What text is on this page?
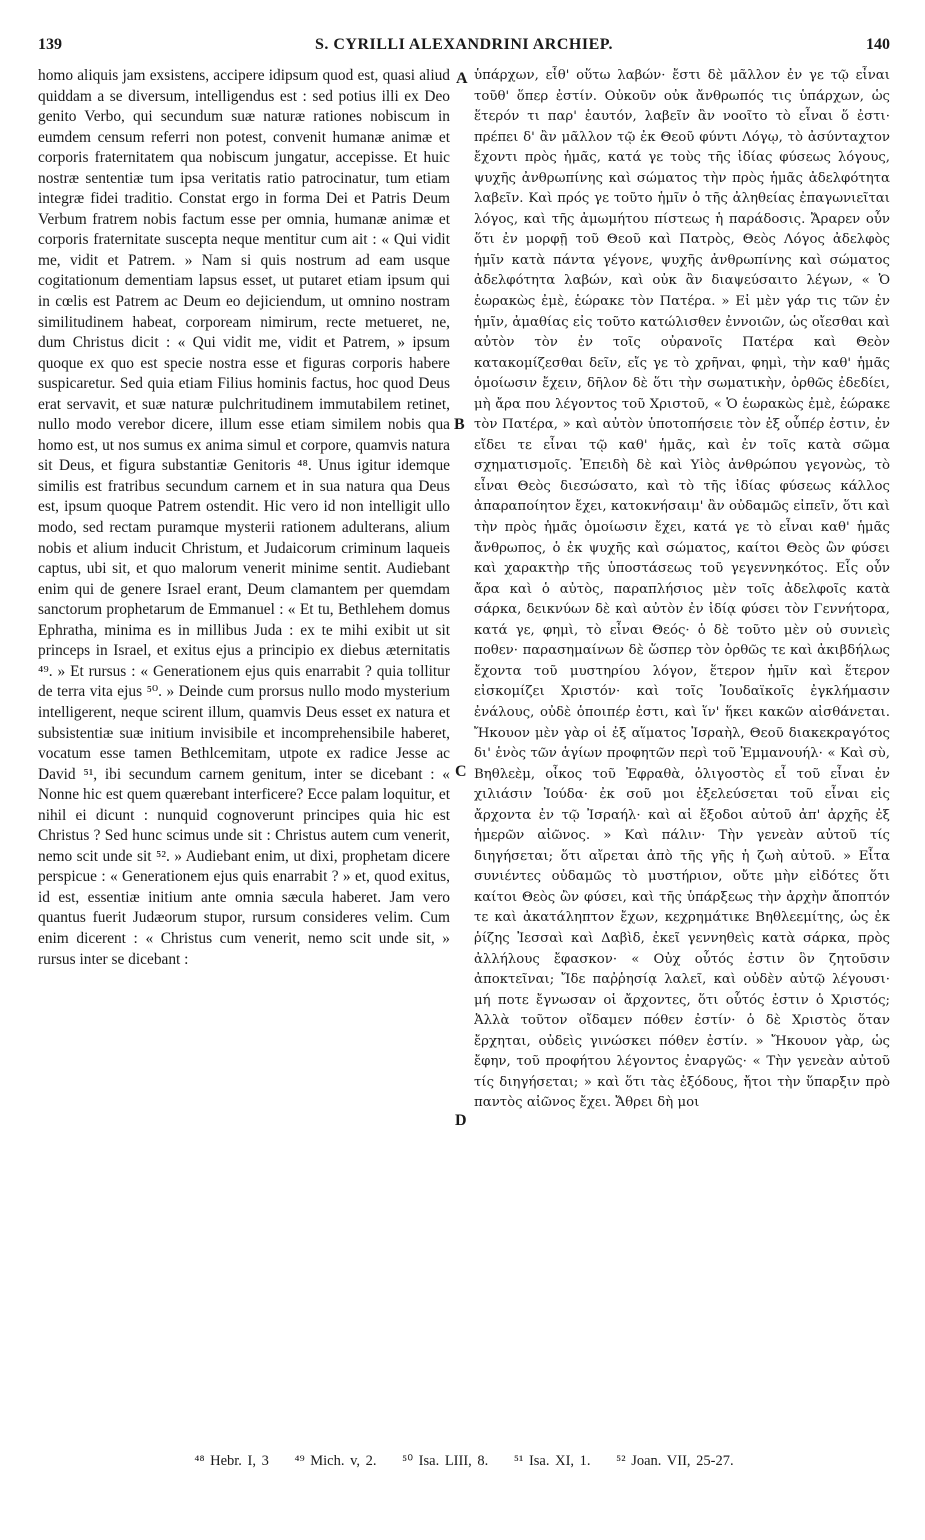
139	S. CYRILLI ALEXANDRINI ARCHIEP.	140
homo aliquis jam exsistens, accipere idipsum quod est, quasi aliud quiddam a se diversum, intelligendus est : sed potius illi ex Deo genito Verbo, qui secundum suæ naturæ rationes nobiscum in eumdem censum referri non potest, convenit humanæ animæ et corporis fraternitatem qua nobiscum jungatur, accepisse. Et huic nostræ sententiæ tum ipsa veritatis ratio patrocinatur, tum etiam integræ fidei traditio. Constat ergo in forma Dei et Patris Deum Verbum fratrem nobis factum esse per omnia, humanæ animæ et corporis fraternitate suscepta neque mentitur cum ait : « Qui vidit me, vidit et Patrem. » Nam si quis nostrum ad eam usque cogitationum dementiam lapsus esset, ut putaret etiam ipsum qui in cœlis est Patrem ac Deum eo dejiciendum, ut omnino nostram similitudinem habeat, corpoream nimirum, recte metueret, ne, dum Christus dicit : « Qui vidit me, vidit et Patrem, » ipsum quoque ex quo est specie nostra esse et figuras corporis habere suspicaretur. Sed quia etiam Filius hominis factus, hoc quod Deus erat servavit, et suæ naturæ pulchritudinem immutabilem retinet, nullo modo verebor dicere, illum esse etiam similem nobis qua homo est, ut nos sumus ex anima simul et corpore, quamvis natura sit Deus, et figura substantiæ Genitoris ⁴⁸. Unus igitur idemque similis est fratribus secundum carnem et in sua natura qua Deus est, ipsum quoque Patrem ostendit. Hic vero id non intelligit ullo modo, sed rectam puramque mysterii rationem adulterans, alium nobis et alium inducit Christum, et Judaicorum criminum laqueis captus, ubi sit, et quo malorum venerit minime sentit. Audiebant enim qui de genere Israel erant, Deum clamantem per quemdam sanctorum prophetarum de Emmanuel : « Et tu, Bethlehem domus Ephratha, minima es in millibus Juda : ex te mihi exibit ut sit princeps in Israel, et exitus ejus a principio ex diebus æternitatis ⁴⁹. » Et rursus : « Generationem ejus quis enarrabit ? quia tollitur de terra vita ejus ⁵⁰. » Deinde cum prorsus nullo modo mysterium intelligerent, neque scirent illum, quamvis Deus esset ex natura et subsistentiæ suæ initium invisibile et incomprehensibile haberet, vocatum esse tamen Bethlcemitam, utpote ex radice Jesse ac David ⁵¹, ibi secundum carnem genitum, inter se dicebant : « Nonne hic est quem quærebant interficere? Ecce palam loquitur, et nihil ei dicunt : nunquid cognoverunt principes quia hic est Christus ? Sed hunc scimus unde sit : Christus autem cum venerit, nemo scit unde sit ⁵². » Audiebant enim, ut dixi, prophetam dicere perspicue : « Generationem ejus quis enarrabit ? » et, quod exitus, id est, essentiæ initium ante omnia sæcula haberet. Jam vero quantus fuerit Judæorum stupor, rursum consideres velim. Cum enim dicerent : « Christus cum venerit, nemo scit unde sit, » rursus inter se dicebant :
A
B
C
D
ὑπάρχων, εἶθ' οὕτω λαβών· ἔστι δὲ μᾶλλον ἐν γε τῷ εἶναι τοῦθ' ὅπερ ἐστίν. Οὐκοῦν οὐκ ἄνθρωπός τις ὑπάρχων, ὡς ἕτερόν τι παρ' ἑαυτόν, λαβεῖν ἂν νοοῖτο τὸ εἶναι ὅ ἐστι· πρέπει δ' ἂν μᾶλλον τῷ ἐκ Θεοῦ φύντι Λόγῳ, τὸ ἀσύνταχτον ἔχοντι πρὸς ἡμᾶς, κατά γε τοὺς τῆς ἰδίας φύσεως λόγους, ψυχῆς ἀνθρωπίνης καὶ σώματος τὴν πρὸς ἡμᾶς ἀδελφότητα λαβεῖν. Καὶ πρός γε τοῦτο ἡμῖν ὁ τῆς ἀληθείας ἐπαγωνιεῖται λόγος, καὶ τῆς ἀμωμήτου πίστεως ἡ παράδοσις. Ἄραρεν οὖν ὅτι ἐν μορφῇ τοῦ Θεοῦ καὶ Πατρὸς, Θεὸς Λόγος ἀδελφὸς ἡμῖν κατὰ πάντα γέγονε, ψυχῆς ἀνθρωπίνης καὶ σώματος ἀδελφότητα λαβών, καὶ οὐκ ἂν διαψεύσαιτο λέγων, « Ὁ ἑωρακὼς ἐμὲ, ἑώρακε τὸν Πατέρα. » Εἰ μὲν γάρ τις τῶν ἐν ἡμῖν, ἀμαθίας εἰς τοῦτο κατώλισθεν ἐννοιῶν, ὡς οἴεσθαι καὶ αὐτὸν τὸν ἐν τοῖς οὐρανοῖς Πατέρα καὶ Θεὸν κατακομίζεσθαι δεῖν, εἴς γε τὸ χρῆναι, φημὶ, τὴν καθ' ἡμᾶς ὁμοίωσιν ἔχειν, δῆλον δὲ ὅτι τὴν σωματικὴν, ὀρθῶς ἐδεδίει, μὴ ἄρα που λέγοντος τοῦ Χριστοῦ, « Ὁ ἑωρακὼς ἐμὲ, ἑώρακε τὸν Πατέρα, » καὶ αὐτὸν ὑποτοπήσειε τὸν ἐξ οὗπέρ ἐστιν, ἐν εἴδει τε εἶναι τῷ καθ' ἡμᾶς, καὶ ἐν τοῖς κατὰ σῶμα σχηματισμοῖς. Ἐπειδὴ δὲ καὶ Υἱὸς ἀνθρώπου γεγονὼς, τὸ εἶναι Θεὸς διεσώσατο, καὶ τὸ τῆς ἰδίας φύσεως κάλλος ἀπαραποίητον ἔχει, κατοκνήσαιμ' ἂν οὐδαμῶς εἰπεῖν, ὅτι καὶ τὴν πρὸς ἡμᾶς ὁμοίωσιν ἔχει, κατά γε τὸ εἶναι καθ' ἡμᾶς ἄνθρωπος, ὁ ἐκ ψυχῆς καὶ σώματος, καίτοι Θεὸς ὢν φύσει καὶ χαρακτὴρ τῆς ὑποστάσεως τοῦ γεγεννηκότος. Εἷς οὖν ἄρα καὶ ὁ αὐτὸς, παραπλήσιος μὲν τοῖς ἀδελφοῖς κατὰ σάρκα, δεικνύων δὲ καὶ αὐτὸν ἐν ἰδίᾳ φύσει τὸν Γεννήτορα, κατά γε, φημὶ, τὸ εἶναι Θεός· ὁ δὲ τοῦτο μὲν οὐ συνιεὶς ποθεν· παρασημαίνων δὲ ὥσπερ τὸν ὀρθῶς τε καὶ ἀκιβδήλως ἔχοντα τοῦ μυστηρίου λόγον, ἕτερον ἡμῖν καὶ ἕτερον εἰσκομίζει Χριστόν· καὶ τοῖς Ἰουδαϊκοῖς ἐγκλήμασιν ἐνάλους, οὐδὲ ὁποιπέρ ἐστι, καὶ ἵν' ἥκει κακῶν αἰσθάνεται. Ἤκουον μὲν γὰρ οἱ ἐξ αἵματος Ἰσραὴλ, Θεοῦ διακεκραγότος δι' ἑνὸς τῶν ἁγίων προφητῶν περὶ τοῦ Ἐμμανουήλ· « Καὶ σὺ, Βηθλεὲμ, οἶκος τοῦ Ἐφραθὰ, ὀλιγοστὸς εἶ τοῦ εἶναι ἐν χιλιάσιν Ἰούδα· ἐκ σοῦ μοι ἐξελεύσεται τοῦ εἶναι εἰς ἄρχοντα ἐν τῷ Ἰσραήλ· καὶ αἱ ἔξοδοι αὐτοῦ ἀπ' ἀρχῆς ἐξ ἡμερῶν αἰῶνος. » Καὶ πάλιν· Τὴν γενεὰν αὐτοῦ τίς διηγήσεται; ὅτι αἴρεται ἀπὸ τῆς γῆς ἡ ζωὴ αὐτοῦ. » Εἶτα συνιέντες οὐδαμῶς τὸ μυστήριον, οὔτε μὴν εἰδότες ὅτι καίτοι Θεὸς ὢν φύσει, καὶ τῆς ὑπάρξεως τὴν ἀρχὴν ἄποπτόν τε καὶ ἀκατάληπτον ἔχων, κεχρημάτικε Βηθλεεμίτης, ὡς ἐκ ῥίζης Ἰεσσαὶ καὶ Δαβὶδ, ἐκεῖ γεννηθεὶς κατὰ σάρκα, πρὸς ἀλλήλους ἔφασκον· « Οὐχ οὗτός ἐστιν ὃν ζητοῦσιν ἀποκτεῖναι; Ἴδε παῤῥησίᾳ λαλεῖ, καὶ οὐδὲν αὐτῷ λέγουσι· μή ποτε ἔγνωσαν οἱ ἄρχοντες, ὅτι οὗτός ἐστιν ὁ Χριστός; Ἀλλὰ τοῦτον οἴδαμεν πόθεν ἐστίν· ὁ δὲ Χριστὸς ὅταν ἔρχηται, οὐδεὶς γινώσκει πόθεν ἐστίν. » Ἤκουον γὰρ, ὡς ἔφην, τοῦ προφήτου λέγοντος ἐναργῶς· « Τὴν γενεὰν αὐτοῦ τίς διηγήσεται; » καὶ ὅτι τὰς ἐξόδους, ἤτοι τὴν ὕπαρξιν πρὸ παντὸς αἰῶνος ἔχει. Ἄθρει δὴ μοι
⁴⁸ Hebr. I, 3 ⁴⁹ Mich. v, 2. ⁵⁰ Isa. LIII, 8. ⁵¹ Isa. XI, 1. ⁵² Joan. VII, 25-27.
